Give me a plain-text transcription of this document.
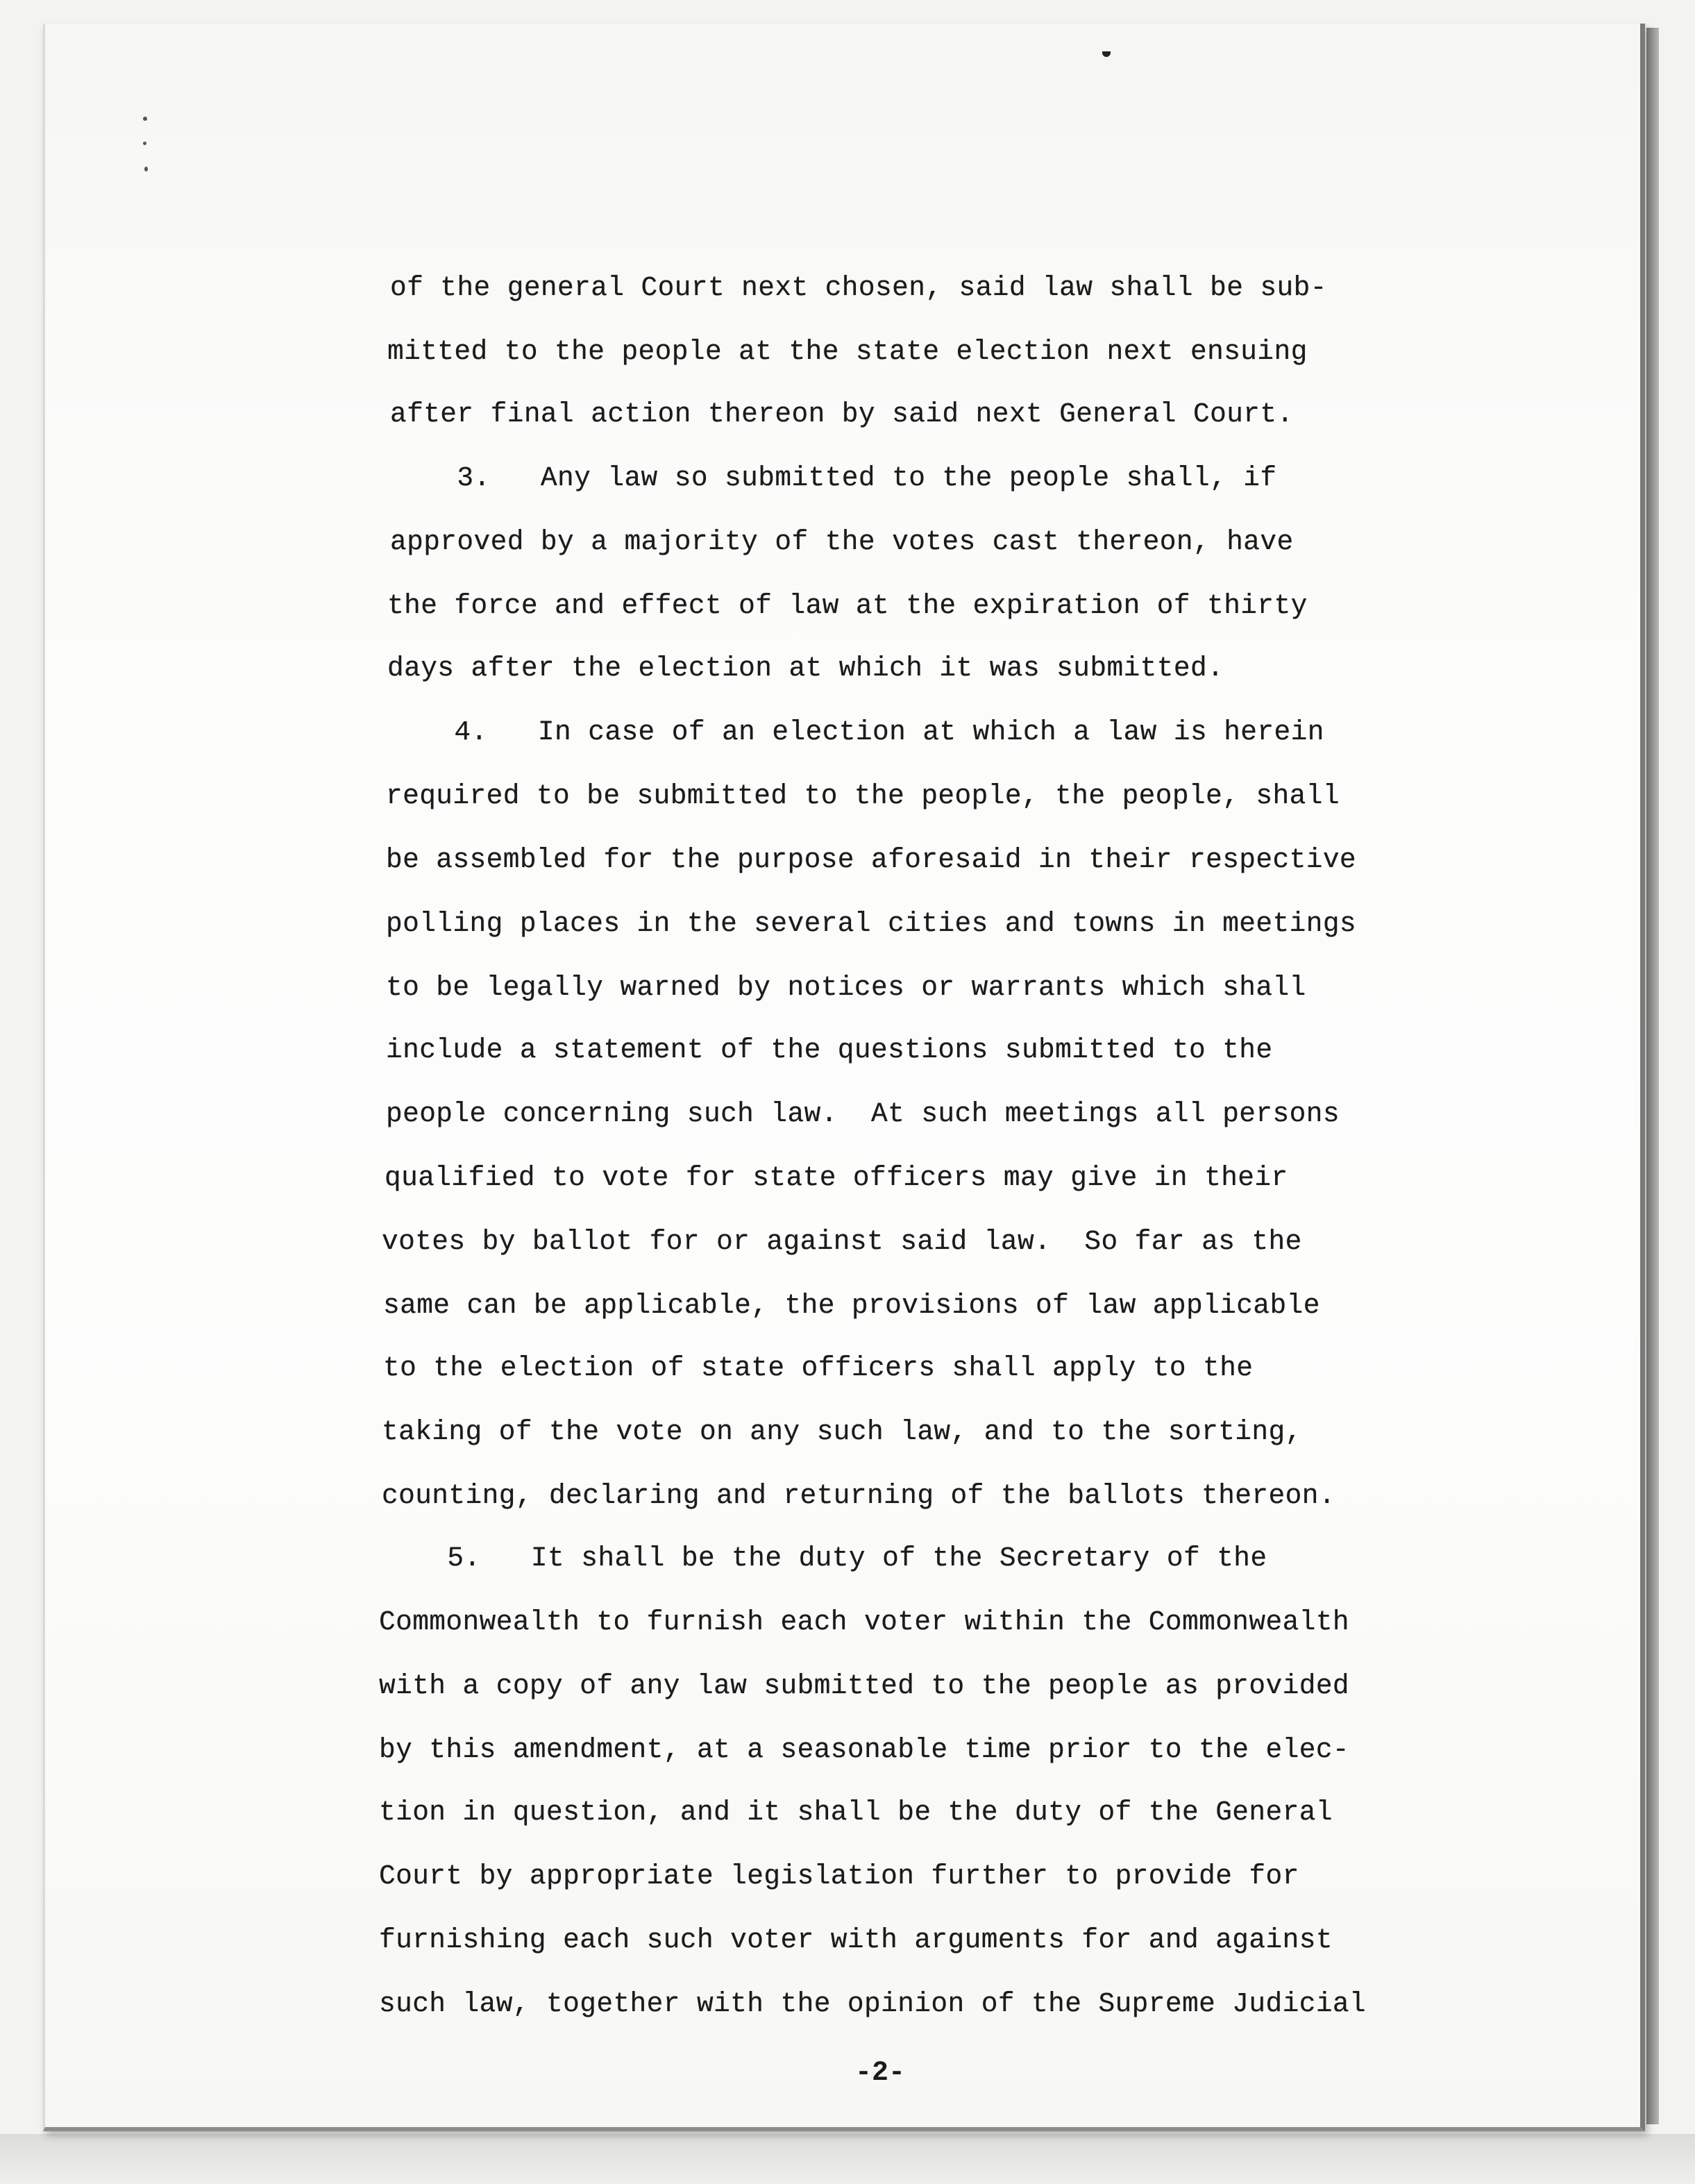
of the general Court next chosen, said law shall be sub-
mitted to the people at the state election next ensuing
after final action thereon by said next General Court.
3.   Any law so submitted to the people shall, if
approved by a majority of the votes cast thereon, have
the force and effect of law at the expiration of thirty
days after the election at which it was submitted.
4.   In case of an election at which a law is herein
required to be submitted to the people, the people, shall
be assembled for the purpose aforesaid in their respective
polling places in the several cities and towns in meetings
to be legally warned by notices or warrants which shall
include a statement of the questions submitted to the
people concerning such law.  At such meetings all persons
qualified to vote for state officers may give in their
votes by ballot for or against said law.  So far as the
same can be applicable, the provisions of law applicable
to the election of state officers shall apply to the
taking of the vote on any such law, and to the sorting,
counting, declaring and returning of the ballots thereon.
5.   It shall be the duty of the Secretary of the
Commonwealth to furnish each voter within the Commonwealth
with a copy of any law submitted to the people as provided
by this amendment, at a seasonable time prior to the elec-
tion in question, and it shall be the duty of the General
Court by appropriate legislation further to provide for
furnishing each such voter with arguments for and against
such law, together with the opinion of the Supreme Judicial
-2-
